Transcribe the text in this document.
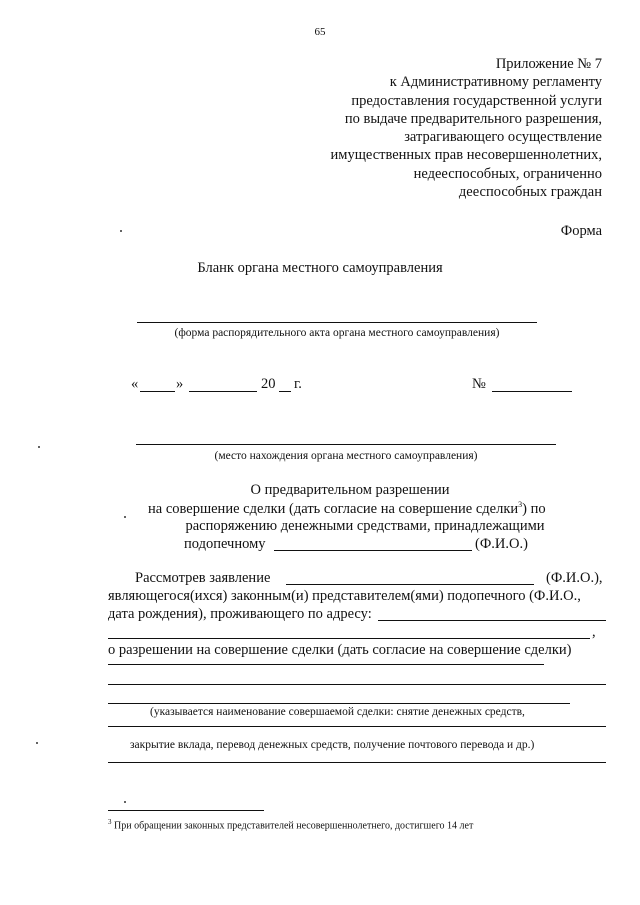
65
Приложение № 7
к Административному регламенту
предоставления государственной услуги
по выдаче предварительного разрешения,
затрагивающего осуществление
имущественных прав несовершеннолетних,
недееспособных, ограниченно
дееспособных граждан
Форма
Бланк органа местного самоуправления
(форма распорядительного акта органа местного самоуправления)
«	»	20 г.	№
(место нахождения органа местного самоуправления)
О предварительном разрешении
на совершение сделки (дать согласие на совершение сделки$^3$) по
распоряжению денежными средствами, принадлежащими
подопечному	(Ф.И.О.)
Рассмотрев заявление	(Ф.И.О.),
являющегося(ихся) законным(и) представителем(ями) подопечного (Ф.И.О.,
дата рождения), проживающего по адресу:
,
о разрешении на совершение сделки (дать согласие на совершение сделки)
(указывается наименование совершаемой сделки: снятие денежных средств,
закрытие вклада, перевод денежных средств, получение почтового перевода и др.)
$^3$ При обращении законных представителей несовершеннолетнего, достигшего 14 лет
